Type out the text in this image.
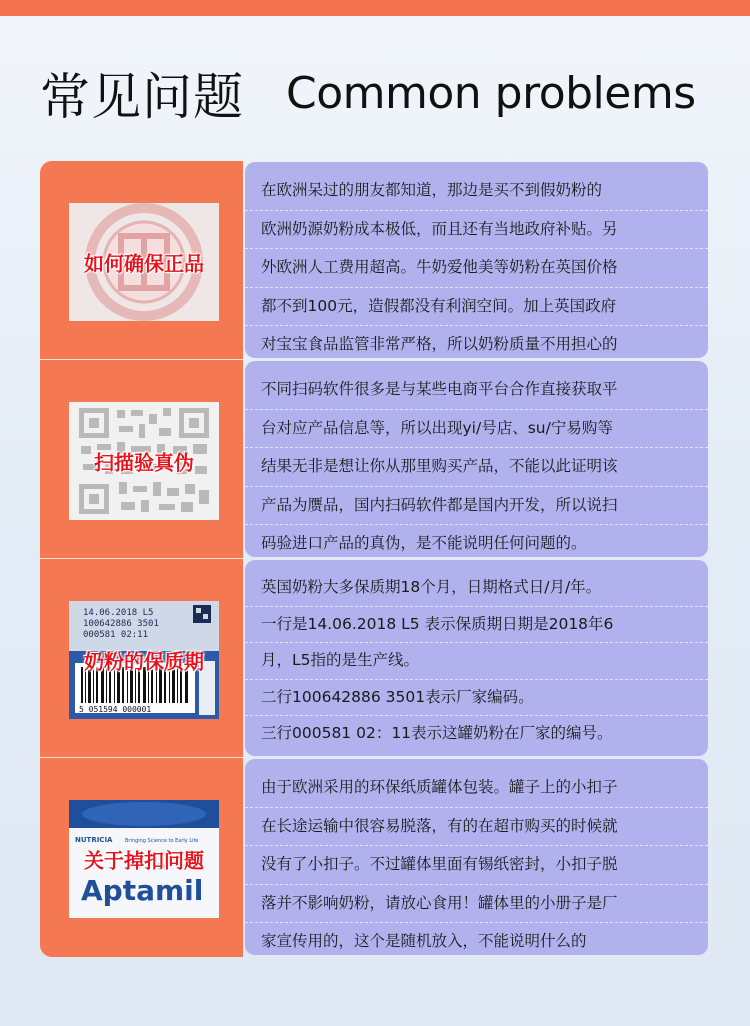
常见问题 Common problems
如何确保正品

在欧洲呆过的朋友都知道，那边是买不到假奶粉的

欧洲奶源奶粉成本极低，而且还有当地政府补贴。另

外欧洲人工费用超高。牛奶爱他美等奶粉在英国价格

都不到100元，造假都没有利润空间。加上英国政府

对宝宝食品监管非常严格，所以奶粉质量不用担心的

扫描验真伪

不同扫码软件很多是与某些电商平台合作直接获取平

台对应产品信息等，所以出现yi/号店、su/宁易购等

结果无非是想让你从那里购买产品，不能以此证明该

产品为赝品，国内扫码软件都是国内开发，所以说扫

码验进口产品的真伪，是不能说明任何问题的。

14.06.2018 L5
100642886 3501
000581 02:11
5 051594 000001
奶粉的保质期

英国奶粉大多保质期18个月，日期格式日/月/年。

一行是14.06.2018 L5 表示保质期日期是2018年6

月，L5指的是生产线。

二行100642886 3501表示厂家编码。

三行000581 02：11表示这罐奶粉在厂家的编号。

NUTRICIA	Bringing Science to Early Life
Aptamil
关于掉扣问题

由于欧洲采用的环保纸质罐体包装。罐子上的小扣子

在长途运输中很容易脱落，有的在超市购买的时候就

没有了小扣子。不过罐体里面有锡纸密封，小扣子脱

落并不影响奶粉，请放心食用！罐体里的小册子是厂

家宣传用的，这个是随机放入，不能说明什么的
